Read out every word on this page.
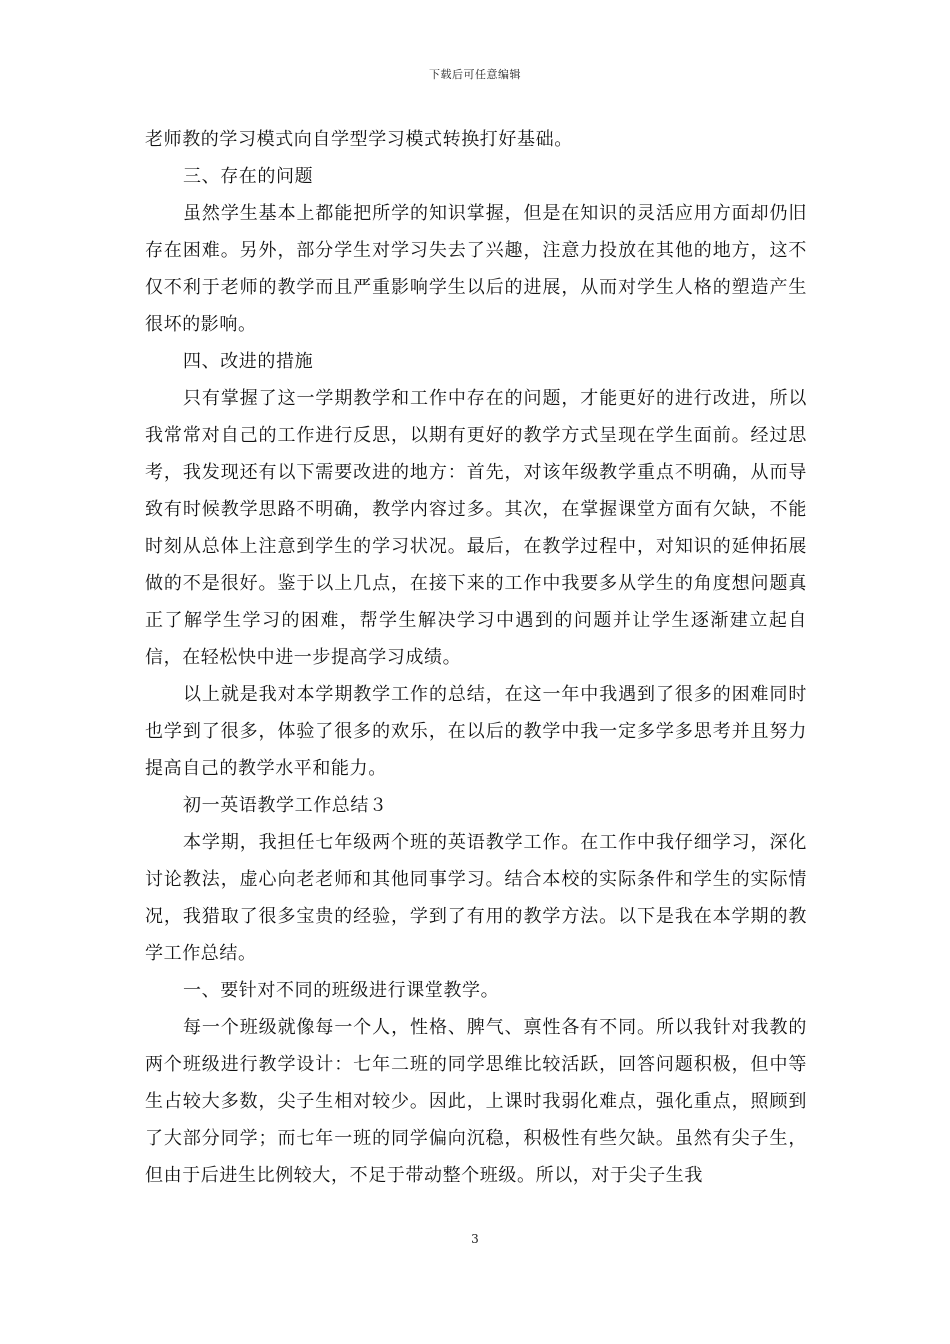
下载后可任意编辑

老师教的学习模式向自学型学习模式转换打好基础。

三、存在的问题

虽然学生基本上都能把所学的知识掌握，但是在知识的灵活应用方面却仍旧存在困难。另外，部分学生对学习失去了兴趣，注意力投放在其他的地方，这不仅不利于老师的教学而且严重影响学生以后的进展，从而对学生人格的塑造产生很坏的影响。

四、改进的措施

只有掌握了这一学期教学和工作中存在的问题，才能更好的进行改进，所以我常常对自己的工作进行反思，以期有更好的教学方式呈现在学生面前。经过思考，我发现还有以下需要改进的地方：首先，对该年级教学重点不明确，从而导致有时候教学思路不明确，教学内容过多。其次，在掌握课堂方面有欠缺，不能时刻从总体上注意到学生的学习状况。最后，在教学过程中，对知识的延伸拓展做的不是很好。鉴于以上几点，在接下来的工作中我要多从学生的角度想问题真正了解学生学习的困难，帮学生解决学习中遇到的问题并让学生逐渐建立起自信，在轻松快中进一步提高学习成绩。

以上就是我对本学期教学工作的总结，在这一年中我遇到了很多的困难同时也学到了很多，体验了很多的欢乐，在以后的教学中我一定多学多思考并且努力提高自己的教学水平和能力。

初一英语教学工作总结３

本学期，我担任七年级两个班的英语教学工作。在工作中我仔细学习，深化讨论教法，虚心向老老师和其他同事学习。结合本校的实际条件和学生的实际情况，我猎取了很多宝贵的经验，学到了有用的教学方法。以下是我在本学期的教学工作总结。

一、要针对不同的班级进行课堂教学。

每一个班级就像每一个人，性格、脾气、禀性各有不同。所以我针对我教的两个班级进行教学设计：七年二班的同学思维比较活跃，回答问题积极，但中等生占较大多数，尖子生相对较少。因此，上课时我弱化难点，强化重点，照顾到了大部分同学；而七年一班的同学偏向沉稳，积极性有些欠缺。虽然有尖子生，但由于后进生比例较大，不足于带动整个班级。所以，对于尖子生我

3
